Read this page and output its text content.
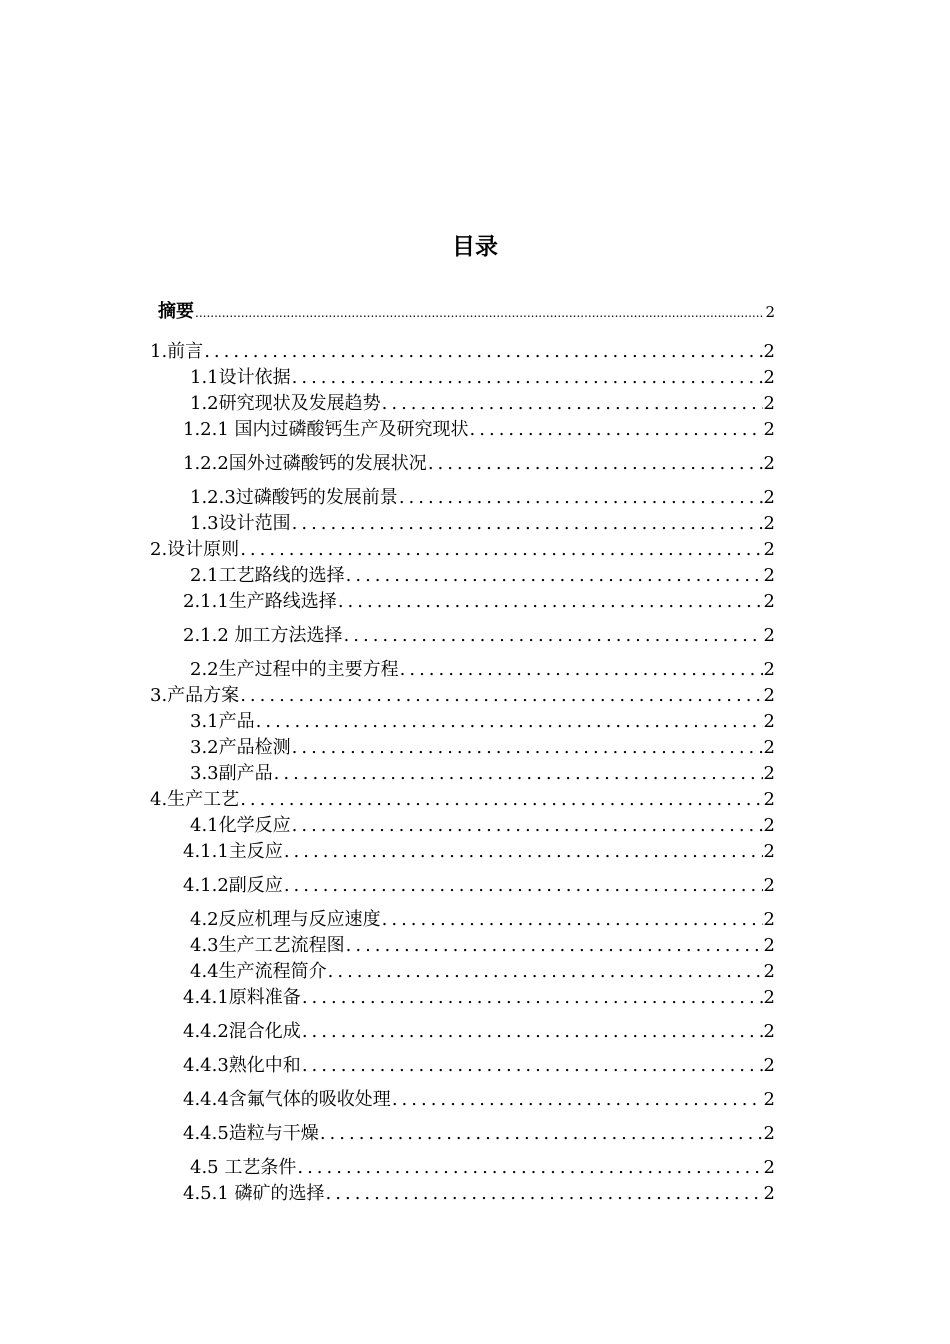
目录
摘要 .....	2
1.前言 .....	2
1.1设计依据 .....	2
1.2研究现状及发展趋势 .....	2
1.2.1 国内过磷酸钙生产及研究现状 .....	2
1.2.2国外过磷酸钙的发展状况 .....	2
1.2.3过磷酸钙的发展前景 .....	2
1.3设计范围 .....	2
2.设计原则 .....	2
2.1工艺路线的选择 .....	2
2.1.1生产路线选择 .....	2
2.1.2 加工方法选择 .....	2
2.2生产过程中的主要方程 .....	2
3.产品方案 .....	2
3.1产品 .....	2
3.2产品检测 .....	2
3.3副产品 .....	2
4.生产工艺 .....	2
4.1化学反应 .....	2
4.1.1主反应 .....	2
4.1.2副反应 .....	2
4.2反应机理与反应速度 .....	2
4.3生产工艺流程图 .....	2
4.4生产流程简介 .....	2
4.4.1原料准备 .....	2
4.4.2混合化成 .....	2
4.4.3熟化中和 .....	2
4.4.4含氟气体的吸收处理 .....	2
4.4.5造粒与干燥 .....	2
4.5 工艺条件 .....	2
4.5.1 磷矿的选择 .....	2
